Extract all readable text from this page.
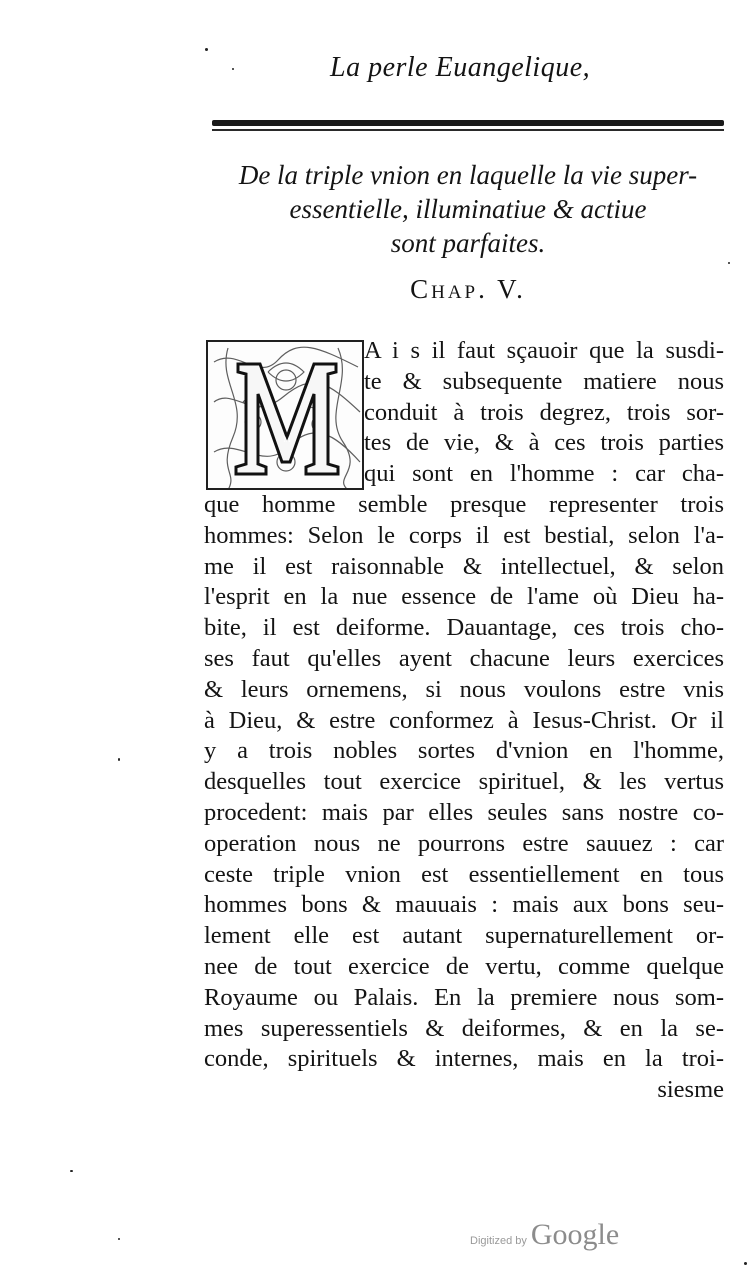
La perle Euangelique,
De la triple vnion en laquelle la vie super-
essentielle, illuminatiue & actiue
sont parfaites.
Chap. V.
M
A i s il faut sçauoir que la susdi-
te & subsequente matiere nous
conduit à trois degrez, trois sor-
tes de vie, & à ces trois parties
qui sont en l'homme : car cha-
que homme semble presque representer trois
hommes: Selon le corps il est bestial, selon l'a-
me il est raisonnable & intellectuel, & selon
l'esprit en la nue essence de l'ame où Dieu ha-
bite, il est deiforme. Dauantage, ces trois cho-
ses faut qu'elles ayent chacune leurs exercices
& leurs ornemens, si nous voulons estre vnis
à Dieu, & estre conformez à Iesus-Christ. Or il
y a trois nobles sortes d'vnion en l'homme,
desquelles tout exercice spirituel, & les vertus
procedent: mais par elles seules sans nostre co-
operation nous ne pourrons estre sauuez : car
ceste triple vnion est essentiellement en tous
hommes bons & mauuais : mais aux bons seu-
lement elle est autant supernaturellement or-
nee de tout exercice de vertu, comme quelque
Royaume ou Palais. En la premiere nous som-
mes superessentiels & deiformes, & en la se-
conde, spirituels & internes, mais en la troi-
siesme
Digitized by Google
